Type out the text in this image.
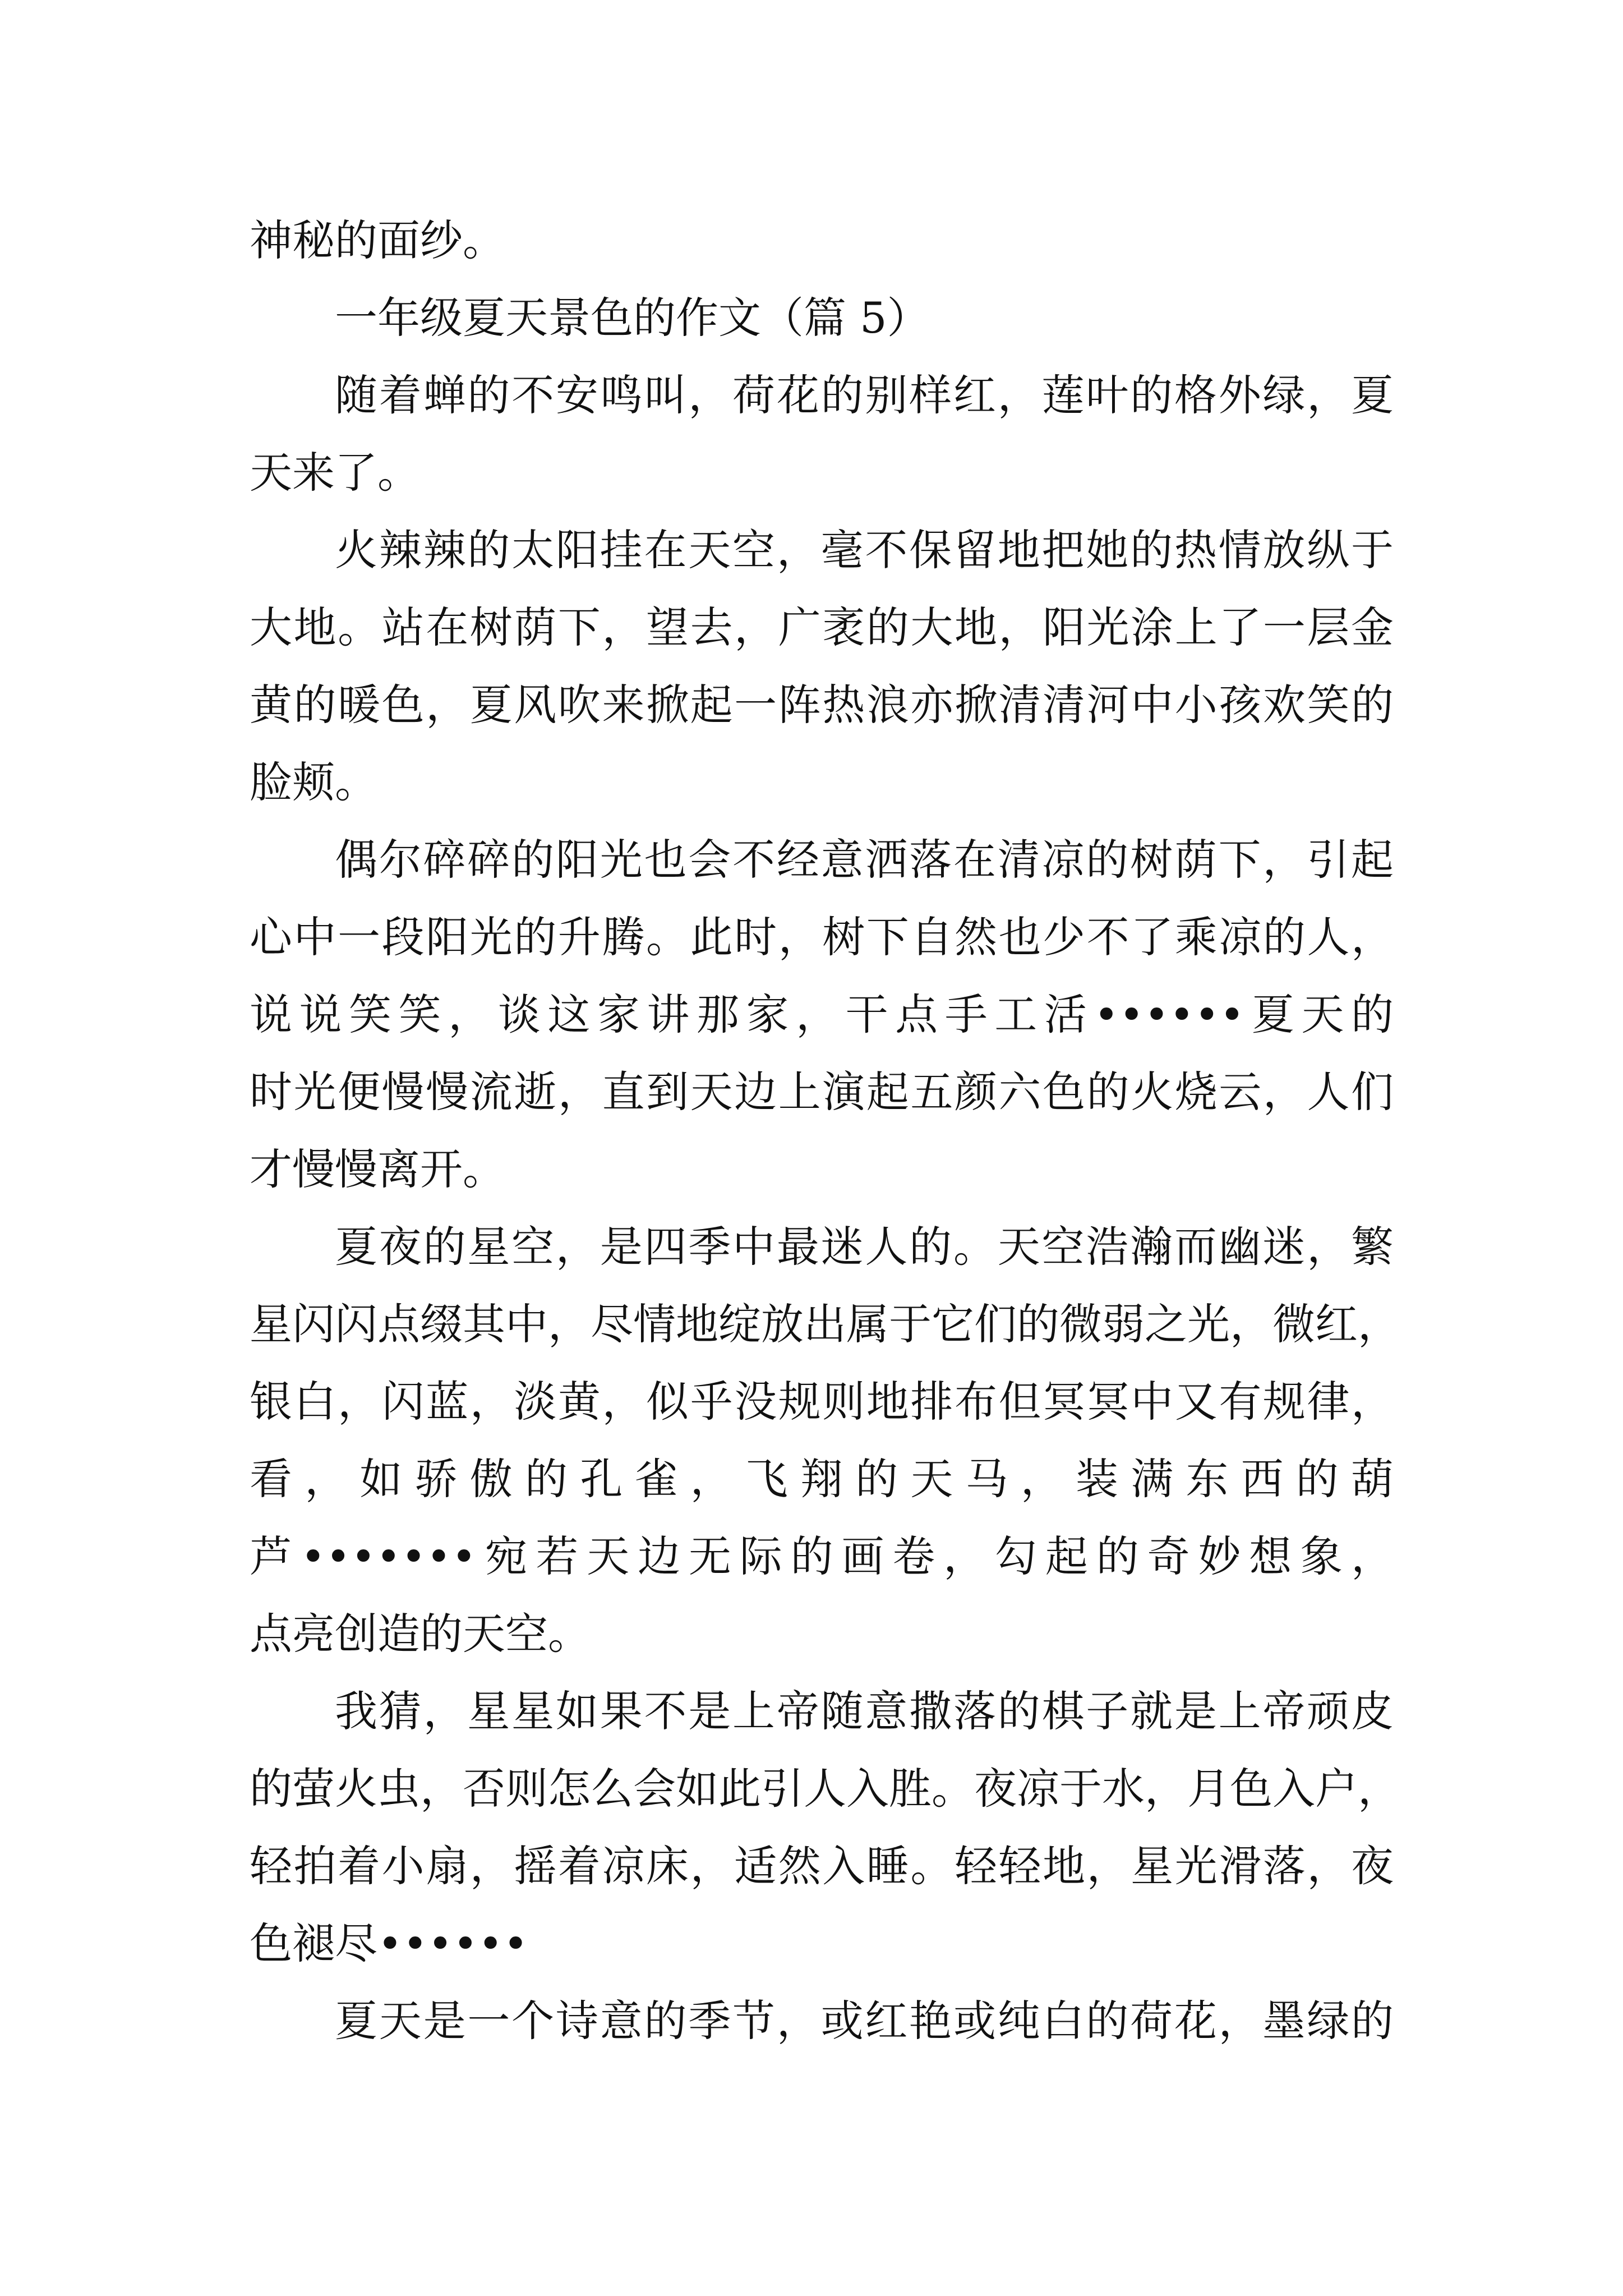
神秘的面纱。
一年级夏天景色的作文（篇 5）
随着蝉的不安鸣叫，荷花的别样红，莲叶的格外绿，夏
天来了。
火辣辣的太阳挂在天空，毫不保留地把她的热情放纵于
大地。站在树荫下，望去，广袤的大地，阳光涂上了一层金
黄的暖色，夏风吹来掀起一阵热浪亦掀清清河中小孩欢笑的
脸颊。
偶尔碎碎的阳光也会不经意洒落在清凉的树荫下，引起
心中一段阳光的升腾。此时，树下自然也少不了乘凉的人，
说说笑笑，谈这家讲那家，干点手工活••••••夏天的
时光便慢慢流逝，直到天边上演起五颜六色的火烧云，人们
才慢慢离开。
夏夜的星空，是四季中最迷人的。天空浩瀚而幽迷，繁
星闪闪点缀其中，尽情地绽放出属于它们的微弱之光，微红，
银白，闪蓝，淡黄，似乎没规则地排布但冥冥中又有规律，
看，如骄傲的孔雀，飞翔的天马，装满东西的葫
芦•••••••宛若天边无际的画卷，勾起的奇妙想象，
点亮创造的天空。
我猜，星星如果不是上帝随意撒落的棋子就是上帝顽皮
的萤火虫，否则怎么会如此引人入胜。夜凉于水，月色入户，
轻拍着小扇，摇着凉床，适然入睡。轻轻地，星光滑落，夜
色褪尽••••••
夏天是一个诗意的季节，或红艳或纯白的荷花，墨绿的
